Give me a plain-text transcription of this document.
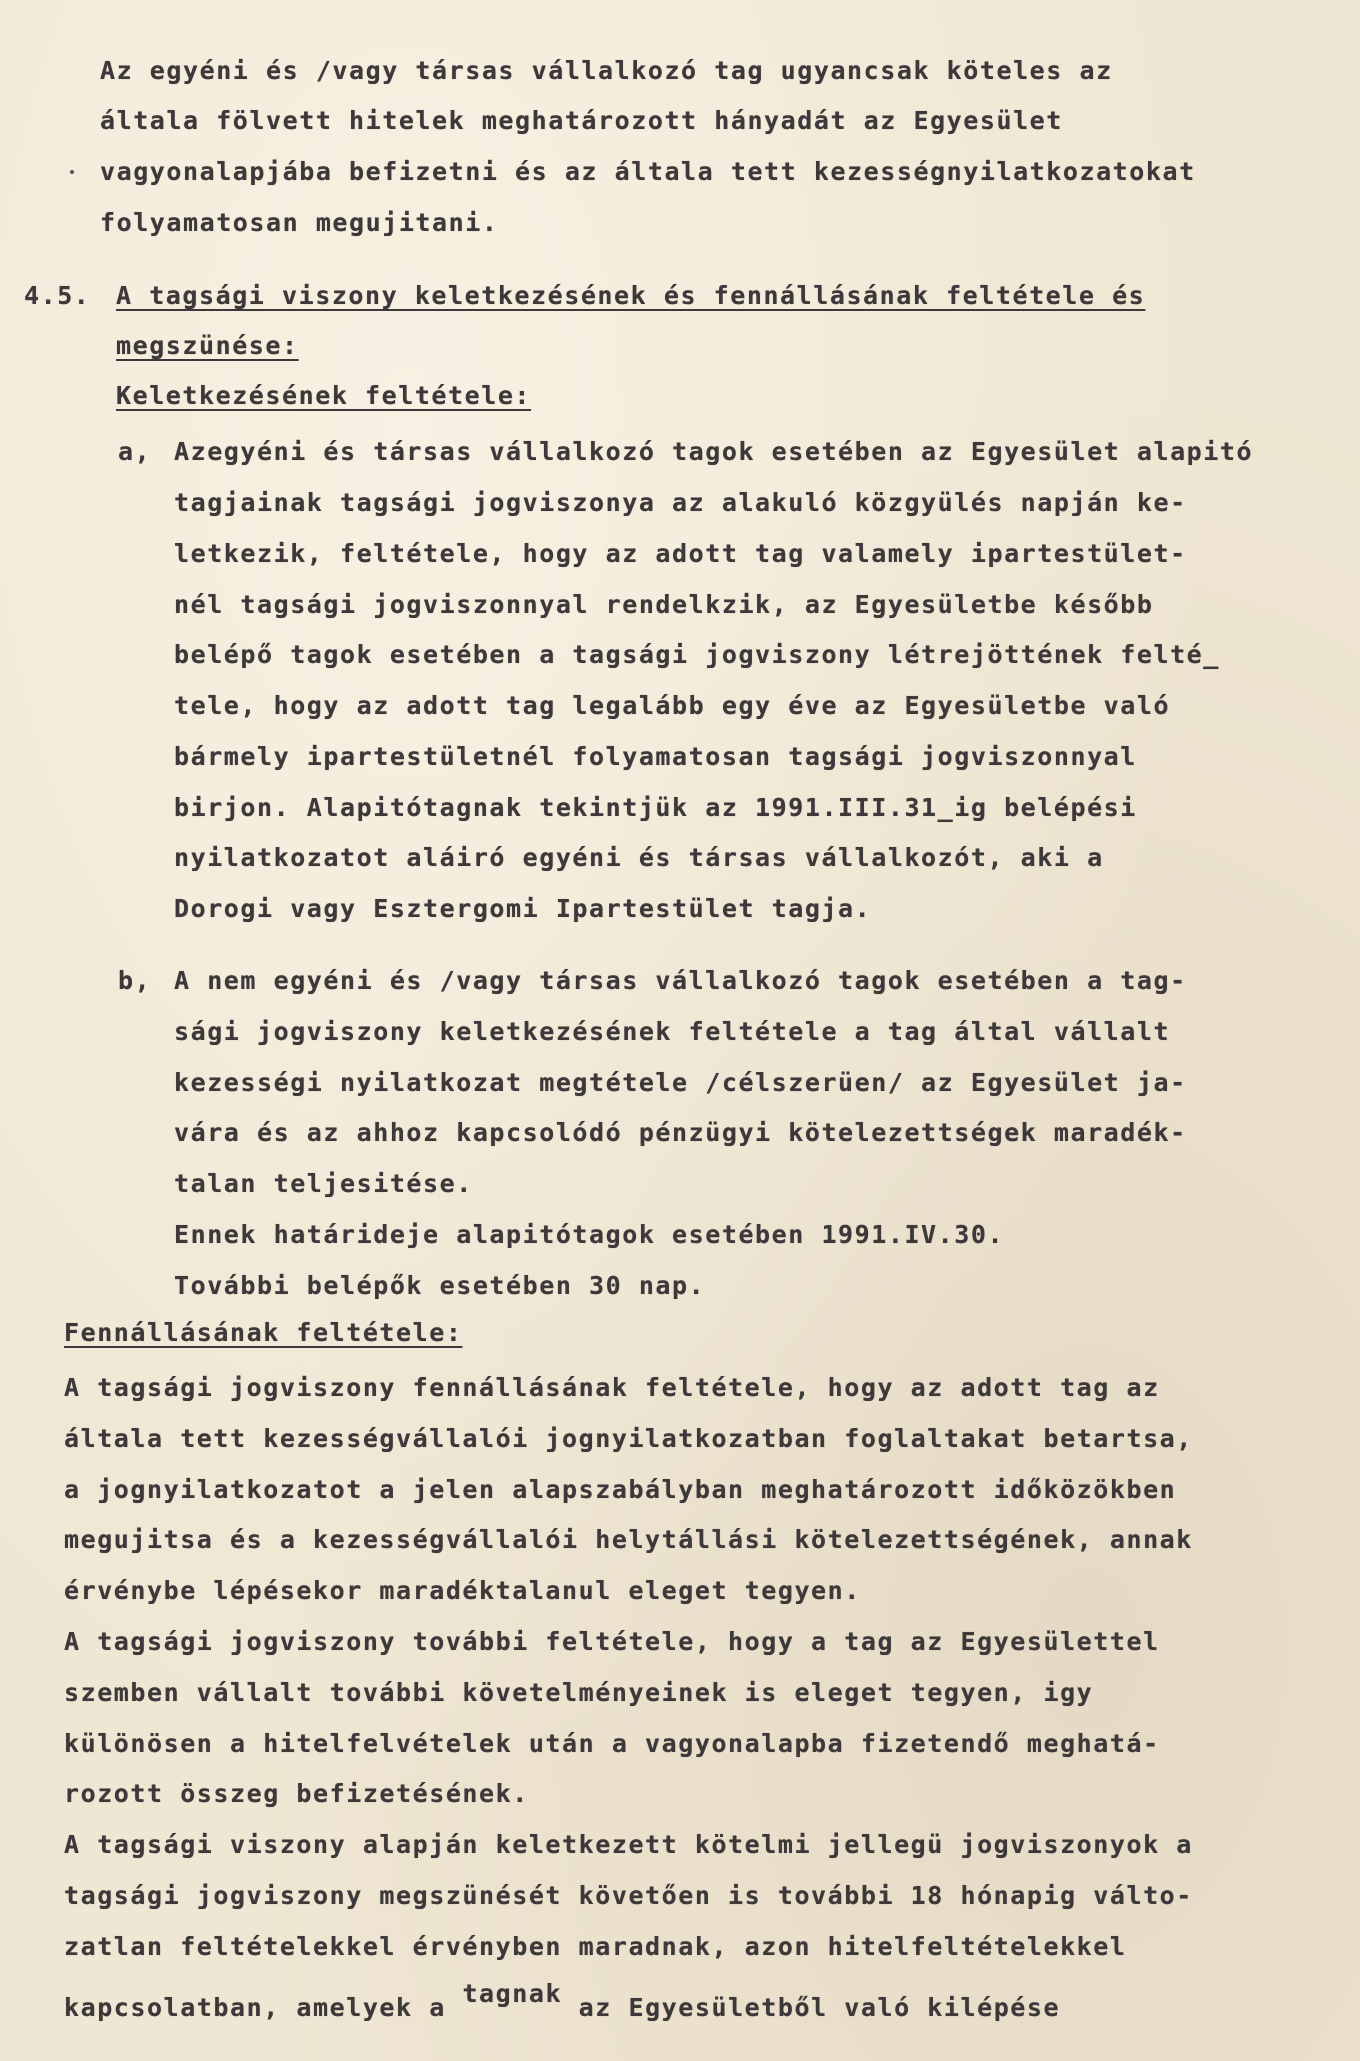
Az egyéni és /vagy társas vállalkozó tag ugyancsak köteles az
általa fölvett hitelek meghatározott hányadát az Egyesület
vagyonalapjába befizetni és az általa tett kezességnyilatkozatokat
folyamatosan megujitani.
4.5. A tagsági viszony keletkezésének és fennállásának feltétele és
megszünése:
Keletkezésének feltétele:
a, Azegyéni és társas vállalkozó tagok esetében az Egyesület alapitó
tagjainak tagsági jogviszonya az alakuló közgyülés napján ke-
letkezik, feltétele, hogy az adott tag valamely ipartestület-
nél tagsági jogviszonnyal rendelkzik, az Egyesületbe később
belépő tagok esetében a tagsági jogviszony létrejöttének felté_
tele, hogy az adott tag legalább egy éve az Egyesületbe való
bármely ipartestületnél folyamatosan tagsági jogviszonnyal
birjon. Alapitótagnak tekintjük az 1991.III.31_ig belépési
nyilatkozatot aláiró egyéni és társas vállalkozót, aki a
Dorogi vagy Esztergomi Ipartestület tagja.
b, A nem egyéni és /vagy társas vállalkozó tagok esetében a tag-
sági jogviszony keletkezésének feltétele a tag által vállalt
kezességi nyilatkozat megtétele /célszerüen/ az Egyesület ja-
vára és az ahhoz kapcsolódó pénzügyi kötelezettségek maradék-
talan teljesitése.
Ennek határideje alapitótagok esetében 1991.IV.30.
További belépők esetében 30 nap.
Fennállásának feltétele:
A tagsági jogviszony fennállásának feltétele, hogy az adott tag az
általa tett kezességvállalói jognyilatkozatban foglaltakat betartsa,
a jognyilatkozatot a jelen alapszabályban meghatározott időközökben
megujitsa és a kezességvállalói helytállási kötelezettségének, annak
érvénybe lépésekor maradéktalanul eleget tegyen.
A tagsági jogviszony további feltétele, hogy a tag az Egyesülettel
szemben vállalt további követelményeinek is eleget tegyen, igy
különösen a hitelfelvételek után a vagyonalapba fizetendő meghatá-
rozott összeg befizetésének.
A tagsági viszony alapján keletkezett kötelmi jellegü jogviszonyok a
tagsági jogviszony megszünését követően is további 18 hónapig válto-
zatlan feltételekkel érvényben maradnak, azon hitelfeltételekkel
kapcsolatban, amelyek a tagnak az Egyesületből való kilépése
